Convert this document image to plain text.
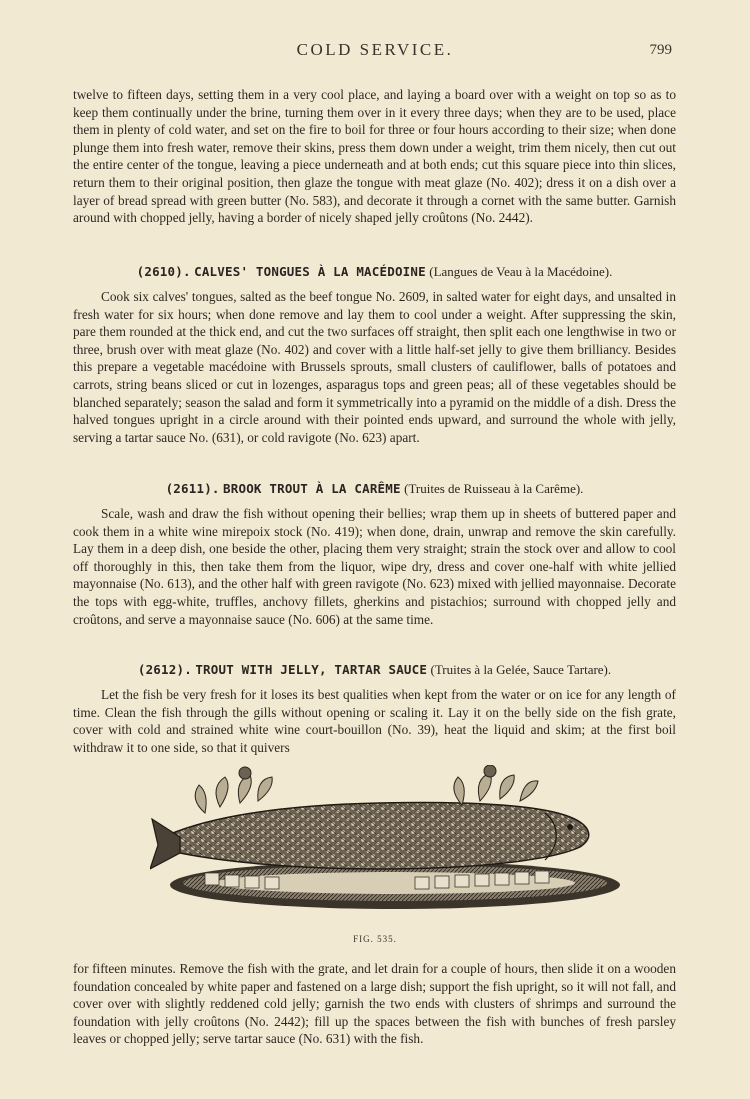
COLD SERVICE.	799

twelve to fifteen days, setting them in a very cool place, and laying a board over with a weight on top so as to keep them continually under the brine, turning them over in it every three days; when they are to be used, place them in plenty of cold water, and set on the fire to boil for three or four hours according to their size; when done plunge them into fresh water, remove their skins, press them down under a weight, trim them nicely, then cut out the entire center of the tongue, leaving a piece underneath and at both ends; cut this square piece into thin slices, return them to their original position, then glaze the tongue with meat glaze (No. 402); dress it on a dish over a layer of bread spread with green butter (No. 583), and decorate it through a cornet with the same butter. Garnish around with chopped jelly, having a border of nicely shaped jelly croûtons (No. 2442).

(2610). CALVES' TONGUES À LA MACÉDOINE (Langues de Veau à la Macédoine).

Cook six calves' tongues, salted as the beef tongue No. 2609, in salted water for eight days, and unsalted in fresh water for six hours; when done remove and lay them to cool under a weight. After suppressing the skin, pare them rounded at the thick end, and cut the two surfaces off straight, then split each one lengthwise in two or three, brush over with meat glaze (No. 402) and cover with a little half-set jelly to give them brilliancy. Besides this prepare a vegetable macédoine with Brussels sprouts, small clusters of cauliflower, balls of potatoes and carrots, string beans sliced or cut in lozenges, asparagus tops and green peas; all of these vegetables should be blanched separately; season the salad and form it symmetrically into a pyramid on the middle of a dish. Dress the halved tongues upright in a circle around with their pointed ends upward, and surround the whole with jelly, serving a tartar sauce No. (631), or cold ravigote (No. 623) apart.

(2611). BROOK TROUT À LA CARÊME (Truites de Ruisseau à la Carême).

Scale, wash and draw the fish without opening their bellies; wrap them up in sheets of buttered paper and cook them in a white wine mirepoix stock (No. 419); when done, drain, unwrap and remove the skin carefully. Lay them in a deep dish, one beside the other, placing them very straight; strain the stock over and allow to cool off thoroughly in this, then take them from the liquor, wipe dry, dress and cover one-half with white jellied mayonnaise (No. 613), and the other half with green ravigote (No. 623) mixed with jellied mayonnaise. Decorate the tops with egg-white, truffles, anchovy fillets, gherkins and pistachios; surround with chopped jelly and croûtons, and serve a mayonnaise sauce (No. 606) at the same time.

(2612). TROUT WITH JELLY, TARTAR SAUCE (Truites à la Gelée, Sauce Tartare).

Let the fish be very fresh for it loses its best qualities when kept from the water or on ice for any length of time. Clean the fish through the gills without opening or scaling it. Lay it on the belly side on the fish grate, cover with cold and strained white wine court-bouillon (No. 39), heat the liquid and skim; at the first boil withdraw it to one side, so that it quivers

FIG. 535.

for fifteen minutes. Remove the fish with the grate, and let drain for a couple of hours, then slide it on a wooden foundation concealed by white paper and fastened on a large dish; support the fish upright, so it will not fall, and cover over with slightly reddened cold jelly; garnish the two ends with clusters of shrimps and surround the foundation with jelly croûtons (No. 2442); fill up the spaces between the fish with bunches of fresh parsley leaves or chopped jelly; serve tartar sauce (No. 631) with the fish.
